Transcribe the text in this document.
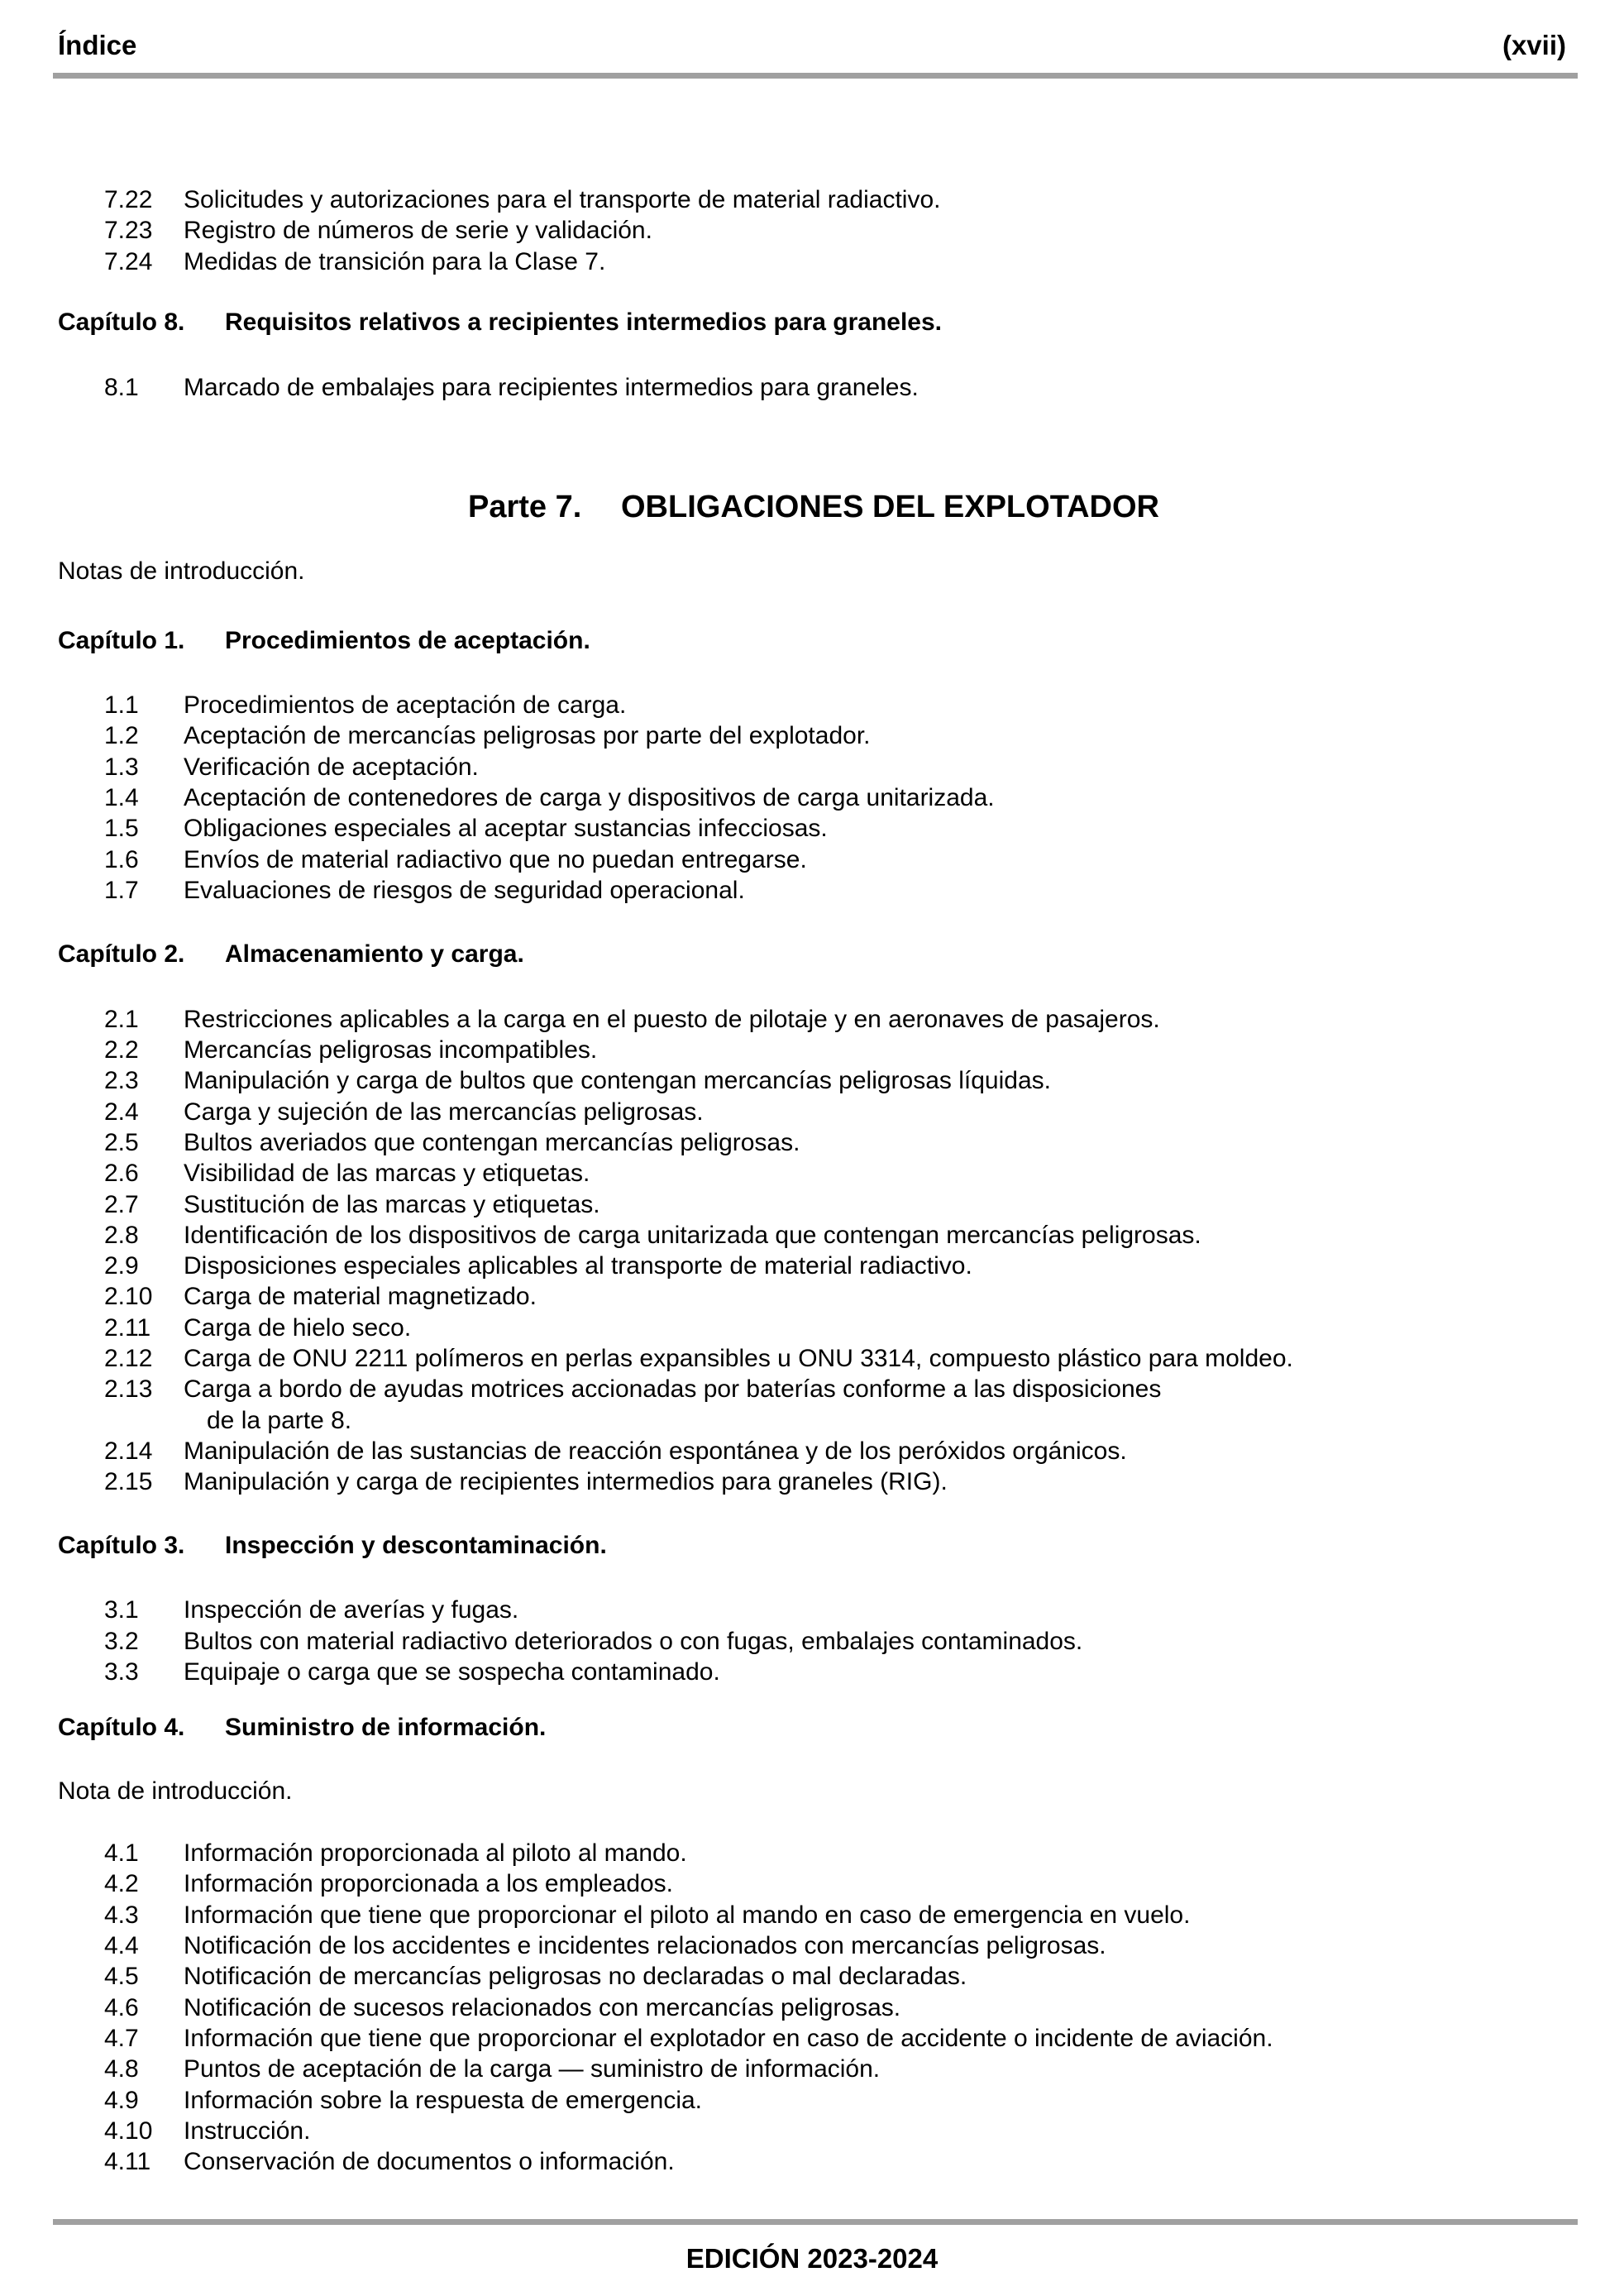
Índice	(xvii)
7.22 Solicitudes y autorizaciones para el transporte de material radiactivo.
7.23 Registro de números de serie y validación.
7.24 Medidas de transición para la Clase 7.
Capítulo 8. Requisitos relativos a recipientes intermedios para graneles.
8.1 Marcado de embalajes para recipientes intermedios para graneles.
Parte 7. OBLIGACIONES DEL EXPLOTADOR
Notas de introducción.
Capítulo 1. Procedimientos de aceptación.
1.1 Procedimientos de aceptación de carga.
1.2 Aceptación de mercancías peligrosas por parte del explotador.
1.3 Verificación de aceptación.
1.4 Aceptación de contenedores de carga y dispositivos de carga unitarizada.
1.5 Obligaciones especiales al aceptar sustancias infecciosas.
1.6 Envíos de material radiactivo que no puedan entregarse.
1.7 Evaluaciones de riesgos de seguridad operacional.
Capítulo 2. Almacenamiento y carga.
2.1 Restricciones aplicables a la carga en el puesto de pilotaje y en aeronaves de pasajeros.
2.2 Mercancías peligrosas incompatibles.
2.3 Manipulación y carga de bultos que contengan mercancías peligrosas líquidas.
2.4 Carga y sujeción de las mercancías peligrosas.
2.5 Bultos averiados que contengan mercancías peligrosas.
2.6 Visibilidad de las marcas y etiquetas.
2.7 Sustitución de las marcas y etiquetas.
2.8 Identificación de los dispositivos de carga unitarizada que contengan mercancías peligrosas.
2.9 Disposiciones especiales aplicables al transporte de material radiactivo.
2.10 Carga de material magnetizado.
2.11 Carga de hielo seco.
2.12 Carga de ONU 2211 polímeros en perlas expansibles u ONU 3314, compuesto plástico para moldeo.
2.13 Carga a bordo de ayudas motrices accionadas por baterías conforme a las disposiciones
de la parte 8.
2.14 Manipulación de las sustancias de reacción espontánea y de los peróxidos orgánicos.
2.15 Manipulación y carga de recipientes intermedios para graneles (RIG).
Capítulo 3. Inspección y descontaminación.
3.1 Inspección de averías y fugas.
3.2 Bultos con material radiactivo deteriorados o con fugas, embalajes contaminados.
3.3 Equipaje o carga que se sospecha contaminado.
Capítulo 4. Suministro de información.
Nota de introducción.
4.1 Información proporcionada al piloto al mando.
4.2 Información proporcionada a los empleados.
4.3 Información que tiene que proporcionar el piloto al mando en caso de emergencia en vuelo.
4.4 Notificación de los accidentes e incidentes relacionados con mercancías peligrosas.
4.5 Notificación de mercancías peligrosas no declaradas o mal declaradas.
4.6 Notificación de sucesos relacionados con mercancías peligrosas.
4.7 Información que tiene que proporcionar el explotador en caso de accidente o incidente de aviación.
4.8 Puntos de aceptación de la carga — suministro de información.
4.9 Información sobre la respuesta de emergencia.
4.10 Instrucción.
4.11 Conservación de documentos o información.
EDICIÓN 2023-2024
